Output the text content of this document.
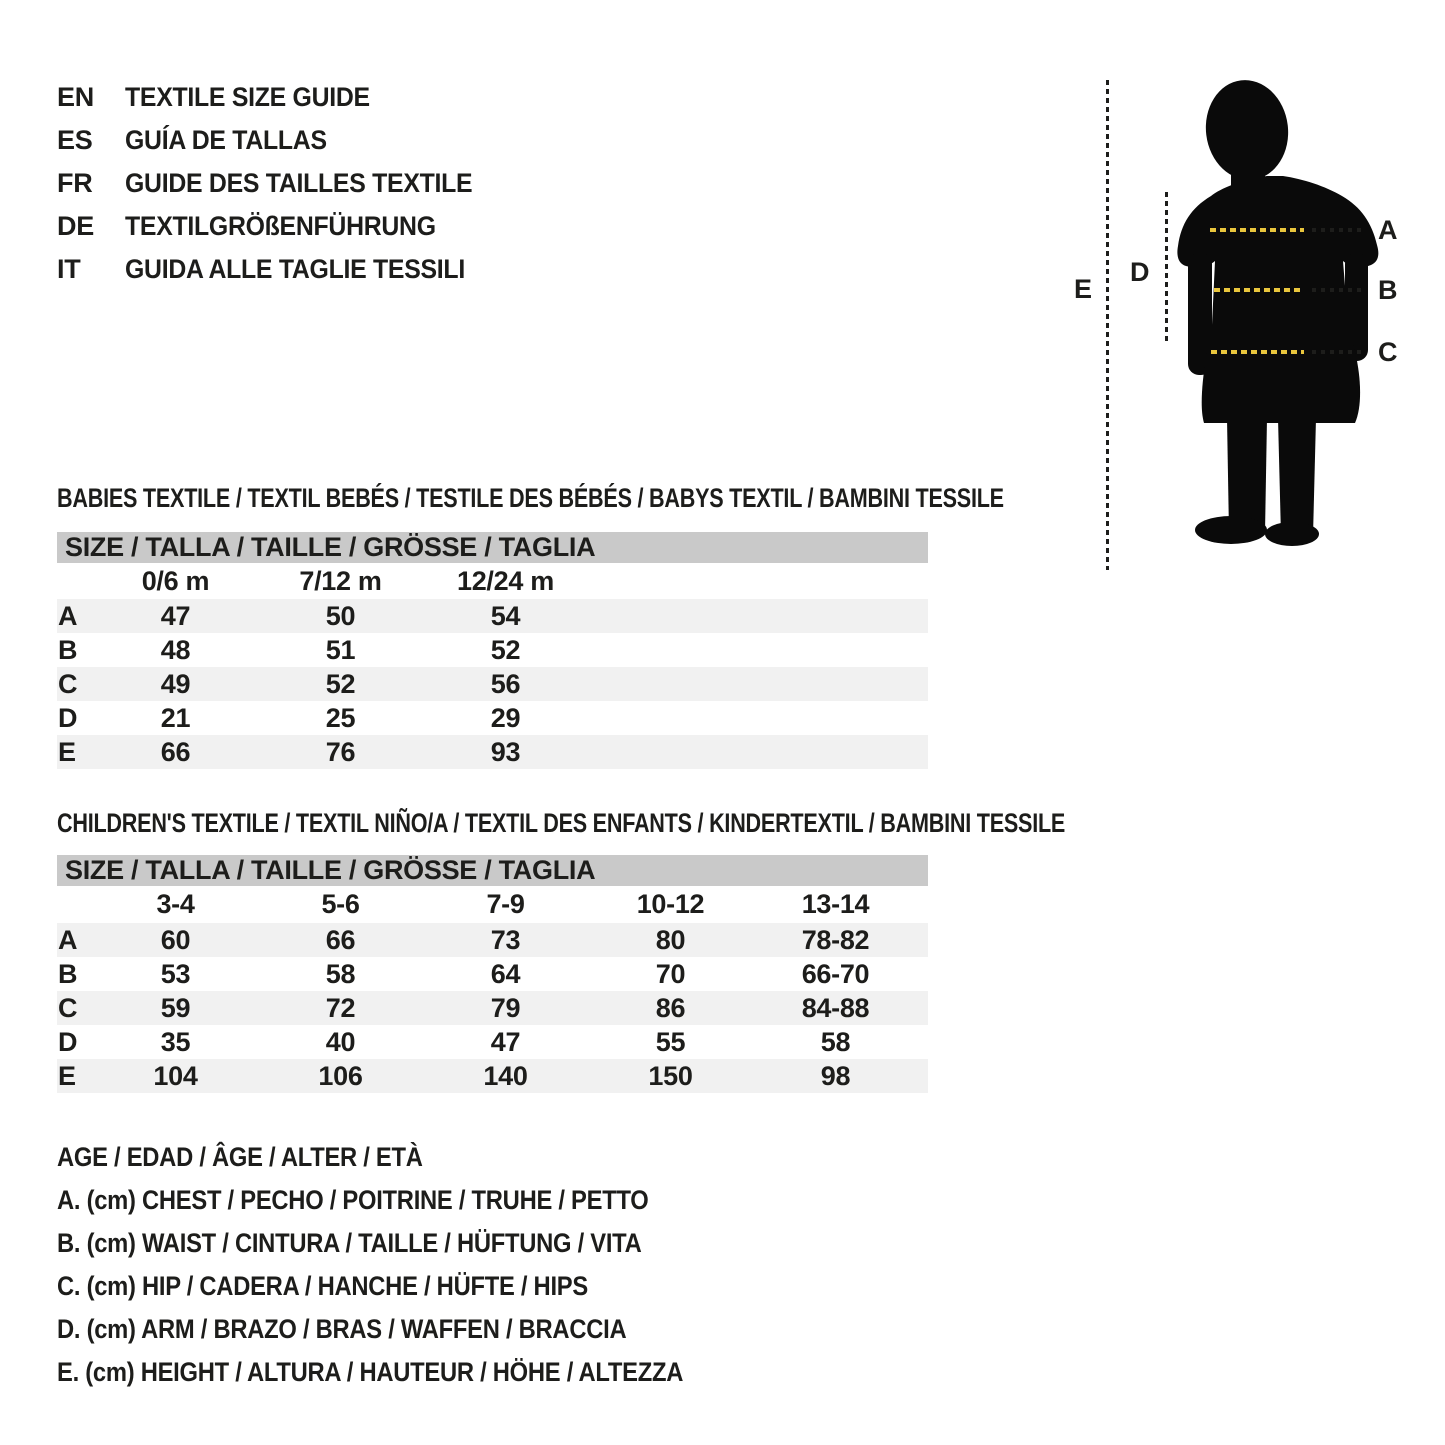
EN	TEXTILE SIZE GUIDE
ES	GUÍA DE TALLAS
FR	GUIDE DES TAILLES TEXTILE
DE	TEXTILGRÖßENFÜHRUNG
IT	GUIDA ALLE TAGLIE TESSILI
E
D
A
B
C
BABIES TEXTILE / TEXTIL BEBÉS / TESTILE DES BÉBÉS / BABYS TEXTIL / BAMBINI TESSILE
SIZE / TALLA / TAILLE / GRÖSSE / TAGLIA
0/6 m	7/12 m	12/24 m
A	47	50	54
B	48	51	52
C	49	52	56
D	21	25	29
E	66	76	93
CHILDREN'S TEXTILE / TEXTIL NIÑO/A / TEXTIL DES ENFANTS / KINDERTEXTIL / BAMBINI TESSILE
SIZE / TALLA / TAILLE / GRÖSSE / TAGLIA
3-4	5-6	7-9	10-12	13-14
A	60	66	73	80	78-82
B	53	58	64	70	66-70
C	59	72	79	86	84-88
D	35	40	47	55	58
E	104	106	140	150	98
AGE / EDAD / ÂGE / ALTER / ETÀ
A. (cm) CHEST / PECHO / POITRINE / TRUHE / PETTO
B. (cm) WAIST / CINTURA / TAILLE / HÜFTUNG / VITA
C. (cm) HIP / CADERA / HANCHE / HÜFTE / HIPS
D. (cm) ARM / BRAZO / BRAS / WAFFEN / BRACCIA
E. (cm) HEIGHT / ALTURA / HAUTEUR / HÖHE / ALTEZZA
